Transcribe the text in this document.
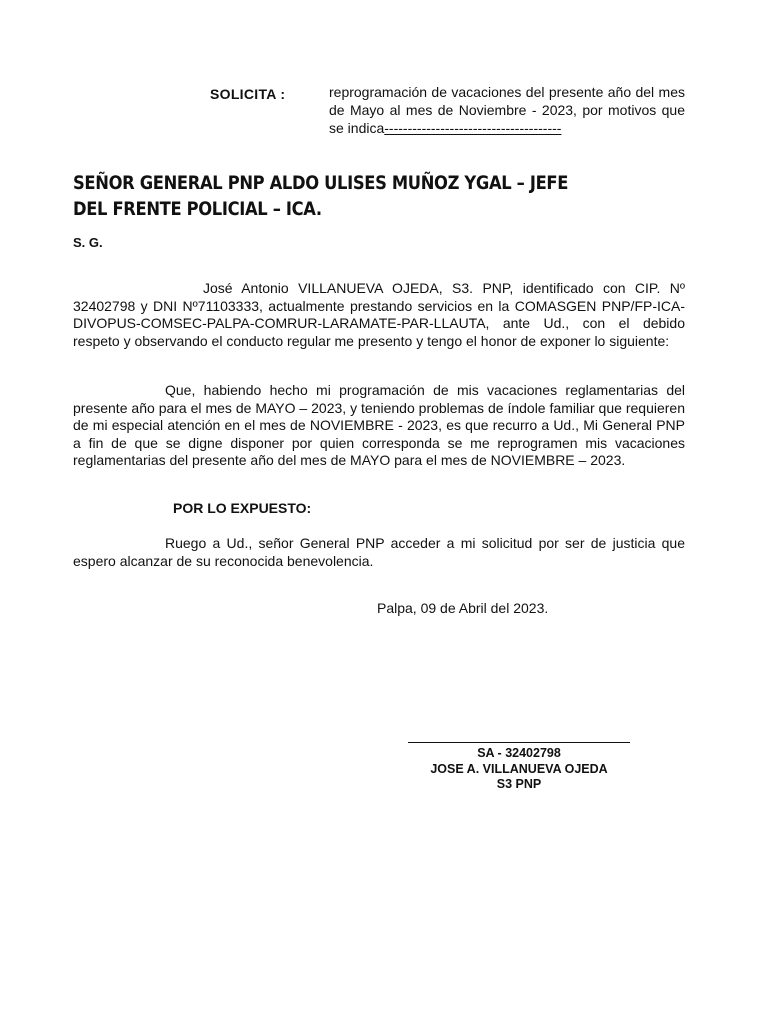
SOLICITA :	reprogramación de vacaciones del presente año del mes de Mayo al mes de Noviembre - 2023, por motivos que se indica--------------------------------------
SEÑOR GENERAL PNP ALDO ULISES MUÑOZ YGAL – JEFE DEL FRENTE POLICIAL – ICA.
S. G.
José Antonio VILLANUEVA OJEDA, S3. PNP, identificado con CIP. Nº 32402798 y DNI Nº71103333, actualmente prestando servicios en la COMASGEN PNP/FP-ICA-DIVOPUS-COMSEC-PALPA-COMRUR-LARAMATE-PAR-LLAUTA, ante Ud., con el debido respeto y observando el conducto regular me presento y tengo el honor de exponer lo siguiente:
Que, habiendo hecho mi programación de mis vacaciones reglamentarias del presente año para el mes de MAYO – 2023, y teniendo problemas de índole familiar que requieren de mi especial atención en el mes de NOVIEMBRE - 2023, es que recurro a Ud., Mi General PNP a fin de que se digne disponer por quien corresponda se me reprogramen mis vacaciones reglamentarias del presente año del mes de MAYO para el mes de NOVIEMBRE – 2023.
POR LO EXPUESTO:
Ruego a Ud., señor General PNP acceder a mi solicitud por ser de justicia que espero alcanzar de su reconocida benevolencia.
Palpa, 09 de Abril del 2023.
SA - 32402798
JOSE A. VILLANUEVA OJEDA
S3 PNP
